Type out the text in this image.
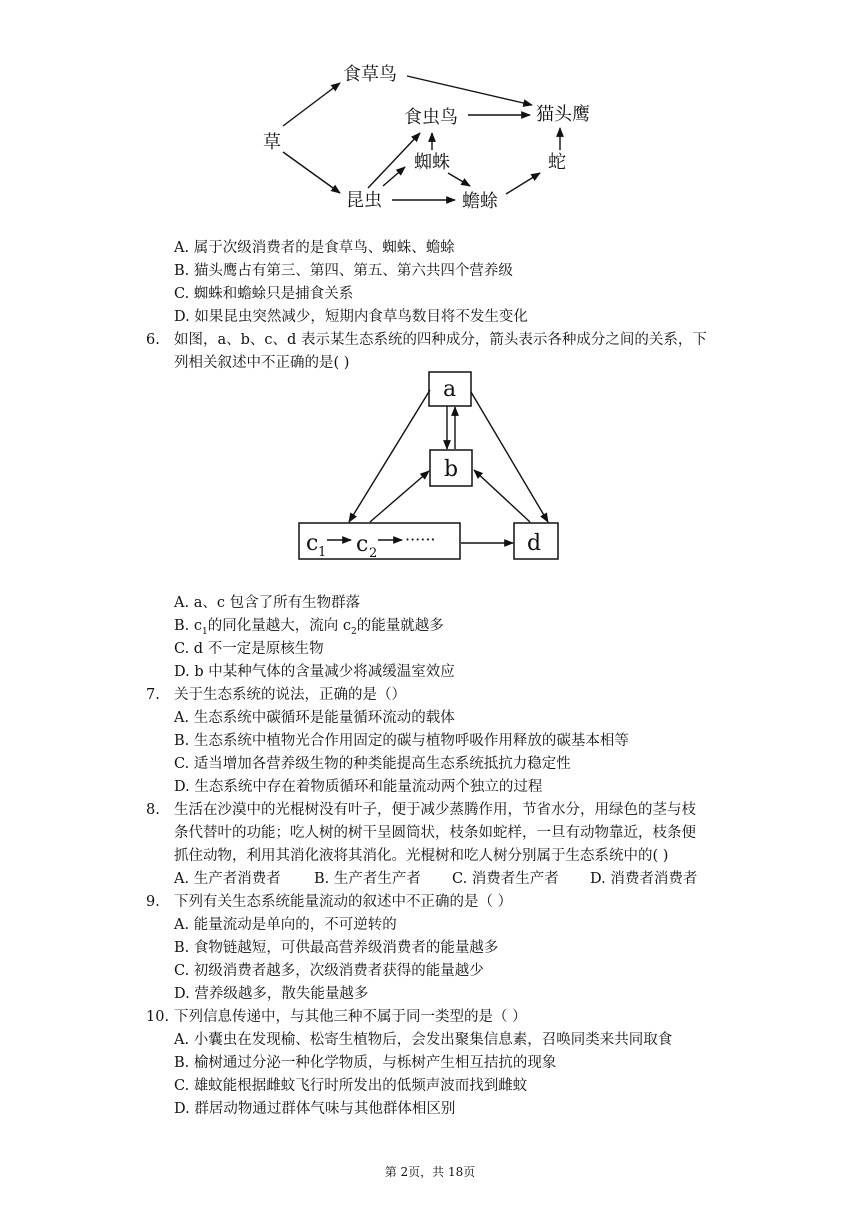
食草鸟
猫头鹰
食虫鸟
草
蜘蛛	蛇
昆虫	蟾蜍
A. 属于次级消费者的是食草鸟、蜘蛛、蟾蜍
B. 猫头鹰占有第三、第四、第五、第六共四个营养级
C. 蜘蛛和蟾蜍只是捕食关系
D. 如果昆虫突然减少，短期内食草鸟数目将不发生变化
6. 如图，a、b、c、d 表示某生态系统的四种成分，箭头表示各种成分之间的关系，下
列相关叙述中不正确的是( )
a
b
c 1 c 2
······	d
A. a、c 包含了所有生物群落
B. $c_1$的同化量越大，流向 $c_2$的能量就越多
C. d 不一定是原核生物
D. b 中某种气体的含量减少将减缓温室效应
7. 关于生态系统的说法，正确的是（）
A. 生态系统中碳循环是能量循环流动的载体
B. 生态系统中植物光合作用固定的碳与植物呼吸作用释放的碳基本相等
C. 适当增加各营养级生物的种类能提高生态系统抵抗力稳定性
D. 生态系统中存在着物质循环和能量流动两个独立的过程
8. 生活在沙漠中的光棍树没有叶子，便于减少蒸腾作用，节省水分，用绿色的茎与枝
条代替叶的功能；吃人树的树干呈圆筒状，枝条如蛇样，一旦有动物靠近，枝条便
抓住动物，利用其消化液将其消化。光棍树和吃人树分别属于生态系统中的( )
A. 生产者消费者 B. 生产者生产者 C. 消费者生产者 D. 消费者消费者
9. 下列有关生态系统能量流动的叙述中不正确的是（ ）
A. 能量流动是单向的，不可逆转的
B. 食物链越短，可供最高营养级消费者的能量越多
C. 初级消费者越多，次级消费者获得的能量越少
D. 营养级越多，散失能量越多
10. 下列信息传递中，与其他三种不属于同一类型的是（ ）
A. 小囊虫在发现榆、松寄生植物后，会发出聚集信息素，召唤同类来共同取食
B. 榆树通过分泌一种化学物质，与栎树产生相互拮抗的现象
C. 雄蚊能根据雌蚊飞行时所发出的低频声波而找到雌蚊
D. 群居动物通过群体气味与其他群体相区别
第 2页，共 18页
